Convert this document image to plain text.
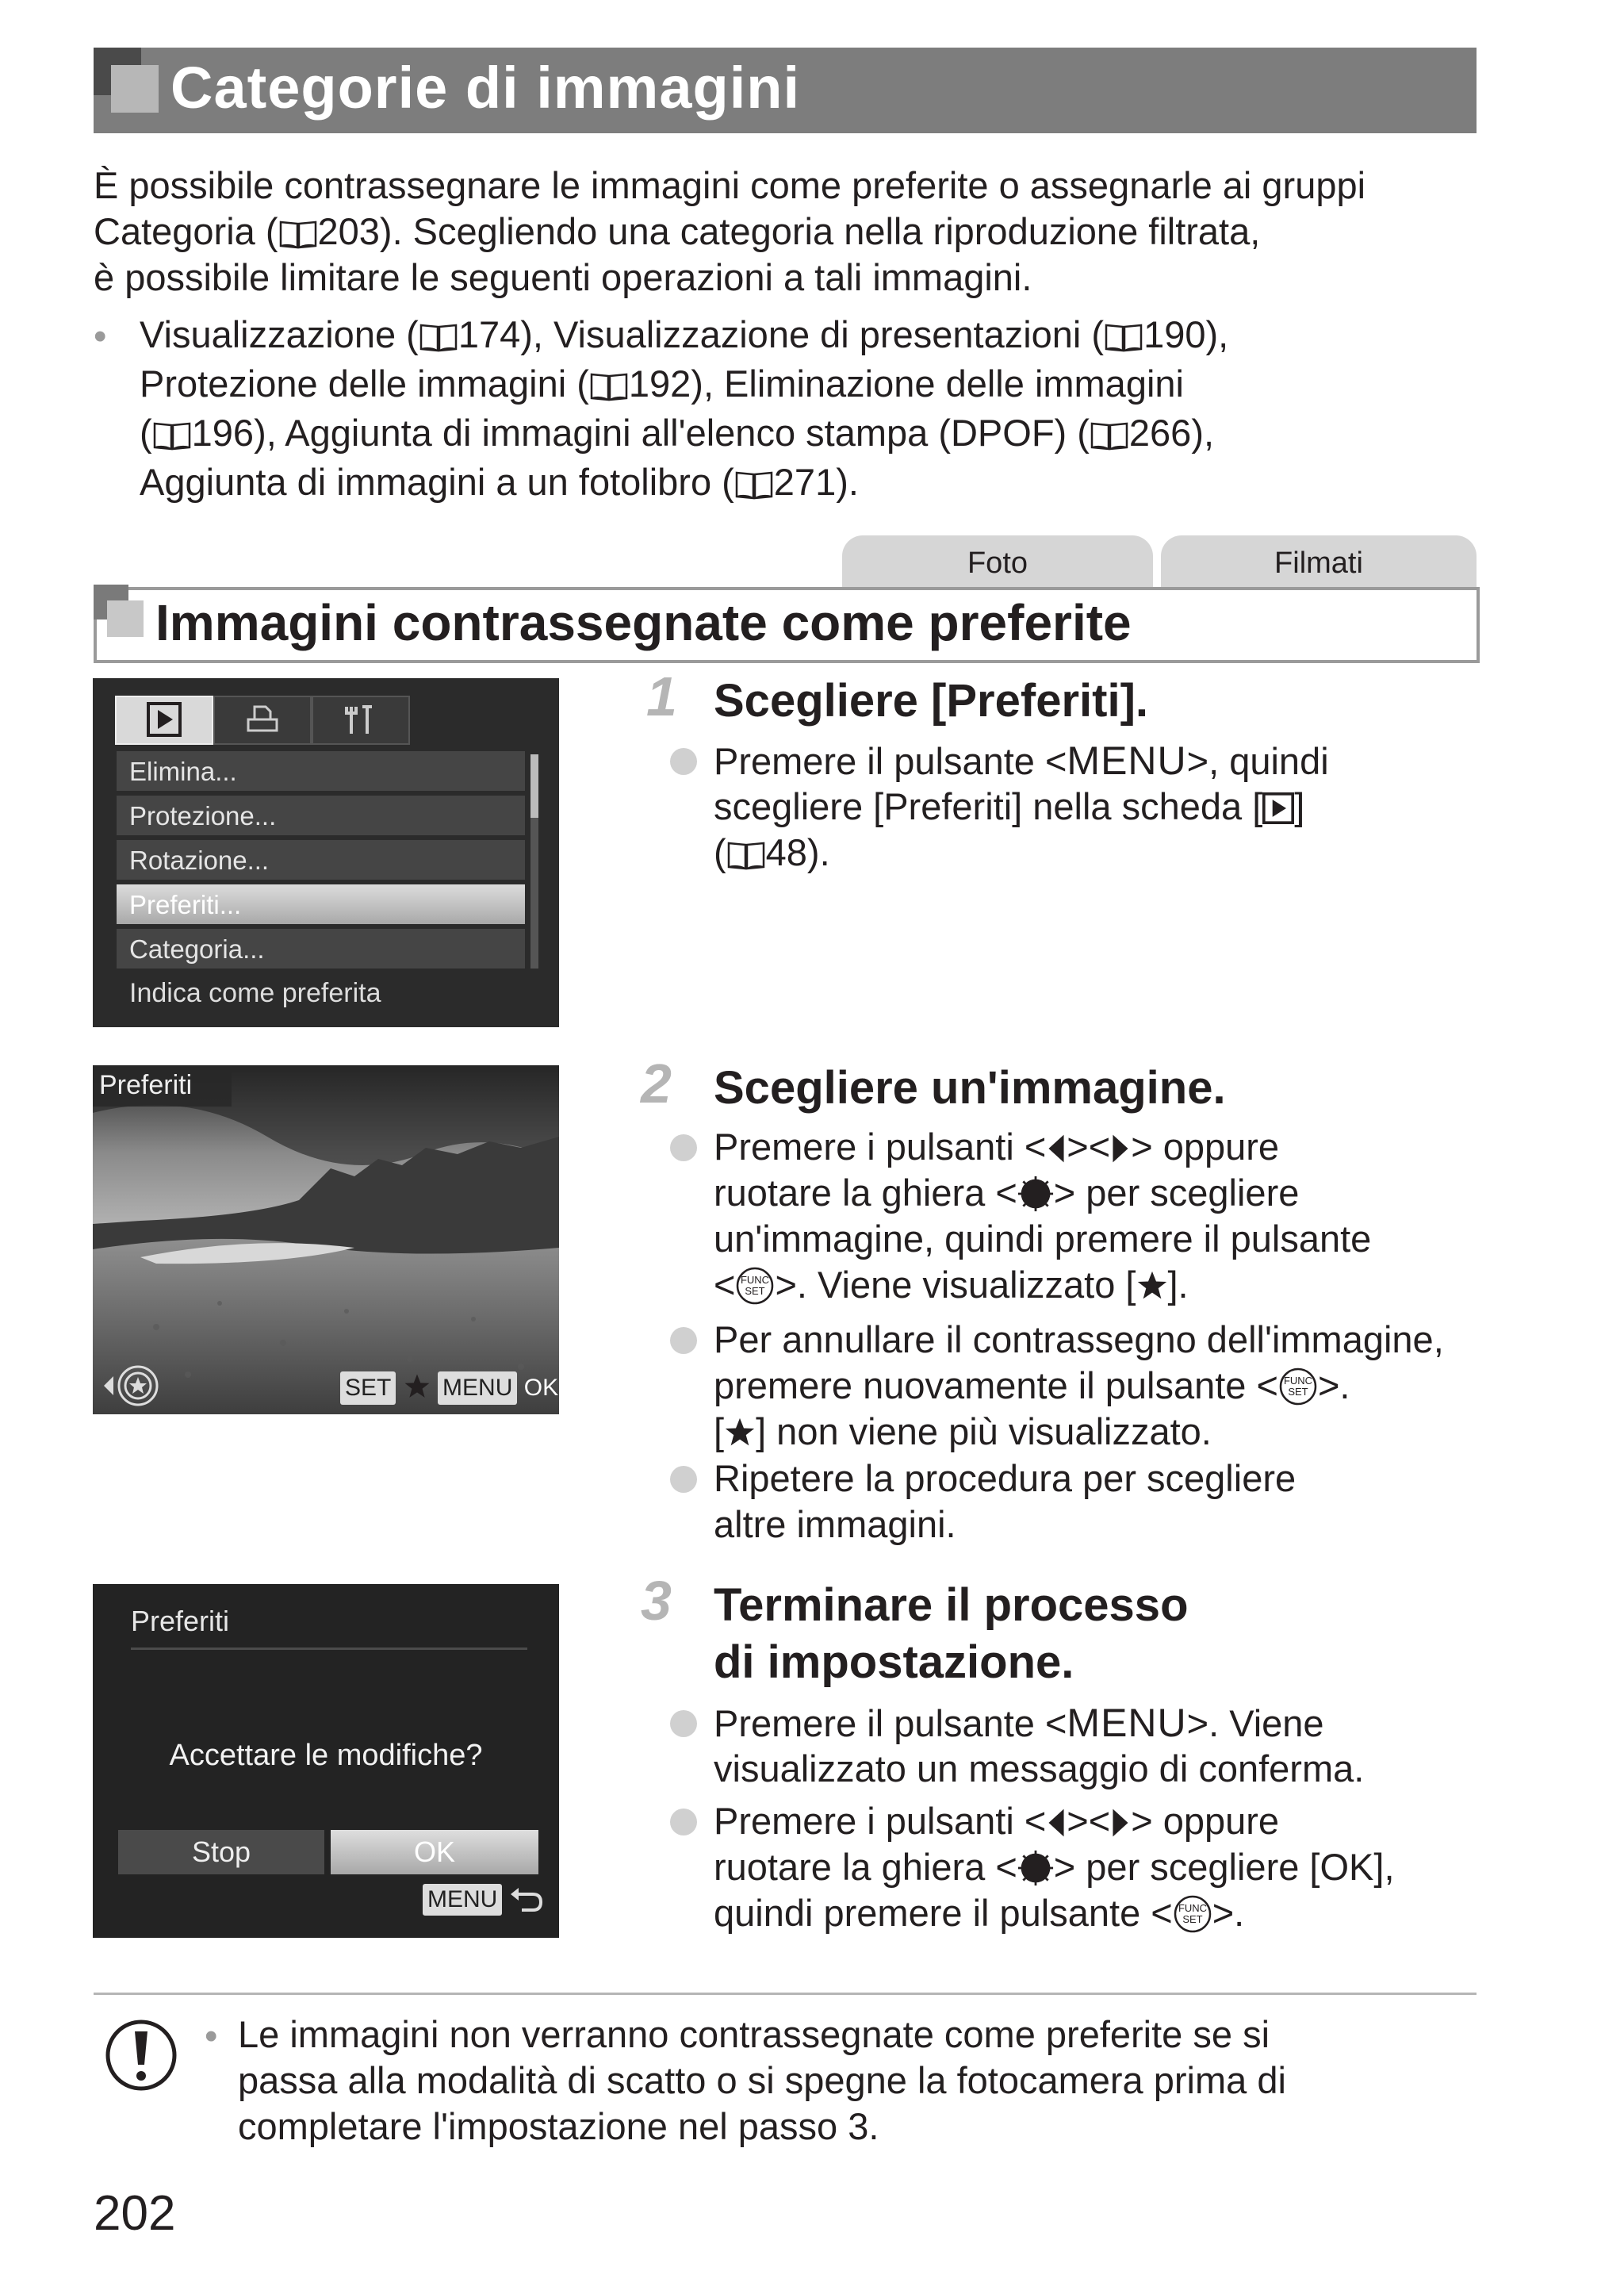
Categorie di immagini
È possibile contrassegnare le immagini come preferite o assegnarle ai gruppi
Categoria ( 203). Scegliendo una categoria nella riproduzione filtrata,
è possibile limitare le seguenti operazioni a tali immagini.
• Visualizzazione ( 174), Visualizzazione di presentazioni ( 190),
Protezione delle immagini ( 192), Eliminazione delle immagini
( 196), Aggiunta di immagini all'elenco stampa (DPOF) ( 266),
Aggiunta di immagini a un fotolibro ( 271).
Foto	Filmati
Immagini contrassegnate come preferite
Elimina...
Protezione...
Rotazione...
Preferiti...
Categoria...
Indica come preferita
Preferiti
SET MENU OK
Preferiti
Accettare le modifiche?
Stop	OK
MENU
1 Scegliere [Preferiti].
Premere il pulsante <MENU>, quindi
scegliere [Preferiti] nella scheda [ ]
( 48).
2 Scegliere un'immagine.
Premere i pulsanti < >< > oppure
ruotare la ghiera < > per scegliere
un'immagine, quindi premere il pulsante
< >. Viene visualizzato [ ].
Per annullare il contrassegno dell'immagine,
premere nuovamente il pulsante < >.
[ ] non viene più visualizzato.
Ripetere la procedura per scegliere
altre immagini.
3 Terminare il processo
di impostazione.
Premere il pulsante <MENU>. Viene
visualizzato un messaggio di conferma.
Premere i pulsanti < >< > oppure
ruotare la ghiera < > per scegliere [OK],
quindi premere il pulsante < >.
• Le immagini non verranno contrassegnate come preferite se si
passa alla modalità di scatto o si spegne la fotocamera prima di
completare l'impostazione nel passo 3.
202
